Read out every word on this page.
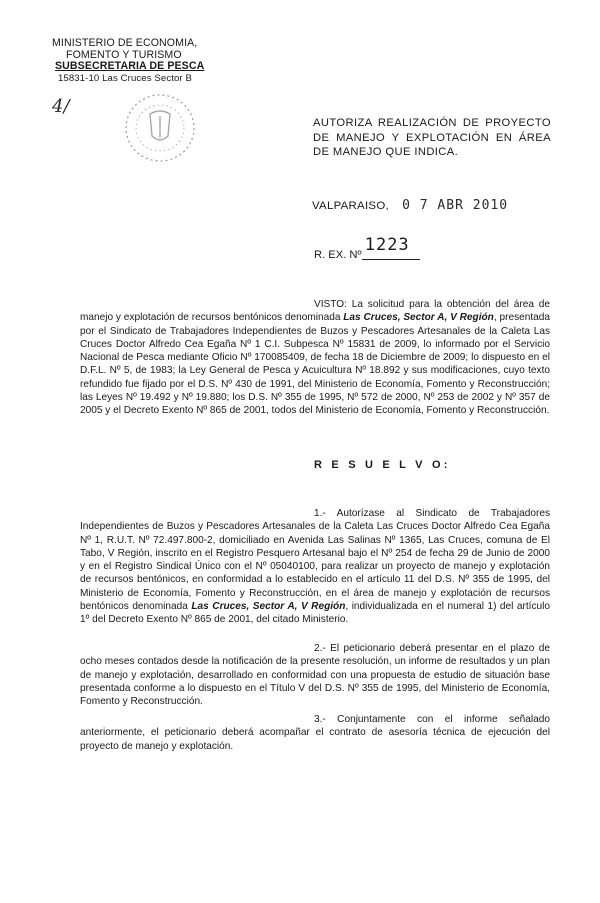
MINISTERIO DE ECONOMIA,
FOMENTO Y TURISMO
SUBSECRETARIA DE PESCA
15831-10 Las Cruces Sector B
4/
AUTORIZA REALIZACIÓN DE PROYECTO DE MANEJO Y EXPLOTACIÓN EN ÁREA DE MANEJO QUE INDICA.
VALPARAISO, 0 7 ABR 2010
R. EX. Nº 1223
VISTO: La solicitud para la obtención del área de manejo y explotación de recursos bentónicos denominada Las Cruces, Sector A, V Región, presentada por el Sindicato de Trabajadores Independientes de Buzos y Pescadores Artesanales de la Caleta Las Cruces Doctor Alfredo Cea Egaña Nº 1 C.I. Subpesca Nº 15831 de 2009, lo informado por el Servicio Nacional de Pesca mediante Oficio Nº 170085409, de fecha 18 de Diciembre de 2009; lo dispuesto en el D.F.L. Nº 5, de 1983; la Ley General de Pesca y Acuicultura Nº 18.892 y sus modificaciones, cuyo texto refundido fue fijado por el D.S. Nº 430 de 1991, del Ministerio de Economía, Fomento y Reconstrucción; las Leyes Nº 19.492 y Nº 19.880; los D.S. Nº 355 de 1995, Nº 572 de 2000, Nº 253 de 2002 y Nº 357 de 2005 y el Decreto Exento Nº 865 de 2001, todos del Ministerio de Economía, Fomento y Reconstrucción.
R E S U E L V O:
1.- Autorízase al Sindicato de Trabajadores Independientes de Buzos y Pescadores Artesanales de la Caleta Las Cruces Doctor Alfredo Cea Egaña Nº 1, R.U.T. Nº 72.497.800-2, domiciliado en Avenida Las Salinas Nº 1365, Las Cruces, comuna de El Tabo, V Región, inscrito en el Registro Pesquero Artesanal bajo el Nº 254 de fecha 29 de Junio de 2000 y en el Registro Sindical Único con el Nº 05040100, para realizar un proyecto de manejo y explotación de recursos bentónicos, en conformidad a lo establecido en el artículo 11 del D.S. Nº 355 de 1995, del Ministerio de Economía, Fomento y Reconstrucción, en el área de manejo y explotación de recursos bentónicos denominada Las Cruces, Sector A, V Región, individualizada en el numeral 1) del artículo 1º del Decreto Exento Nº 865 de 2001, del citado Ministerio.
2.- El peticionario deberá presentar en el plazo de ocho meses contados desde la notificación de la presente resolución, un informe de resultados y un plan de manejo y explotación, desarrollado en conformidad con una propuesta de estudio de situación base presentada conforme a lo dispuesto en el Título V del D.S. Nº 355 de 1995, del Ministerio de Economía, Fomento y Reconstrucción.
3.- Conjuntamente con el informe señalado anteriormente, el peticionario deberá acompañar el contrato de asesoría técnica de ejecución del proyecto de manejo y explotación.
